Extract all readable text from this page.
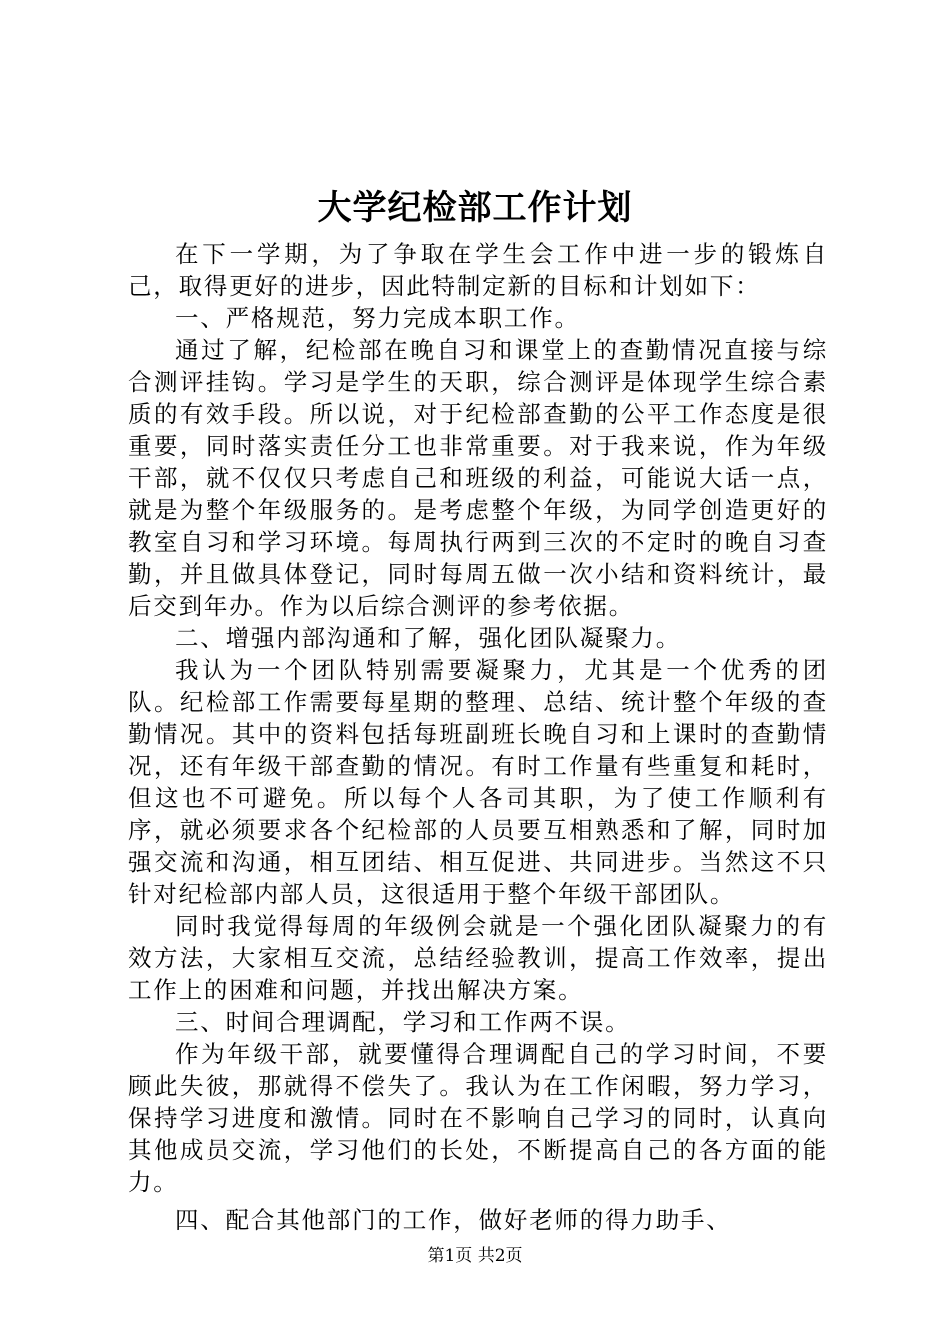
大学纪检部工作计划

在下一学期，为了争取在学生会工作中进一步的锻炼自己，取得更好的进步，因此特制定新的目标和计划如下：

一、严格规范，努力完成本职工作。

通过了解，纪检部在晚自习和课堂上的查勤情况直接与综合测评挂钩。学习是学生的天职，综合测评是体现学生综合素质的有效手段。所以说，对于纪检部查勤的公平工作态度是很重要，同时落实责任分工也非常重要。对于我来说，作为年级干部，就不仅仅只考虑自己和班级的利益，可能说大话一点，就是为整个年级服务的。是考虑整个年级，为同学创造更好的教室自习和学习环境。每周执行两到三次的不定时的晚自习查勤，并且做具体登记，同时每周五做一次小结和资料统计，最后交到年办。作为以后综合测评的参考依据。

二、增强内部沟通和了解，强化团队凝聚力。

我认为一个团队特别需要凝聚力，尤其是一个优秀的团队。纪检部工作需要每星期的整理、总结、统计整个年级的查勤情况。其中的资料包括每班副班长晚自习和上课时的查勤情况，还有年级干部查勤的情况。有时工作量有些重复和耗时，但这也不可避免。所以每个人各司其职，为了使工作顺利有序，就必须要求各个纪检部的人员要互相熟悉和了解，同时加强交流和沟通，相互团结、相互促进、共同进步。当然这不只针对纪检部内部人员，这很适用于整个年级干部团队。

同时我觉得每周的年级例会就是一个强化团队凝聚力的有效方法，大家相互交流，总结经验教训，提高工作效率，提出工作上的困难和问题，并找出解决方案。

三、时间合理调配，学习和工作两不误。

作为年级干部，就要懂得合理调配自己的学习时间，不要顾此失彼，那就得不偿失了。我认为在工作闲暇，努力学习，保持学习进度和激情。同时在不影响自己学习的同时，认真向其他成员交流，学习他们的长处，不断提高自己的各方面的能力。

四、配合其他部门的工作，做好老师的得力助手、

第1页 共2页
